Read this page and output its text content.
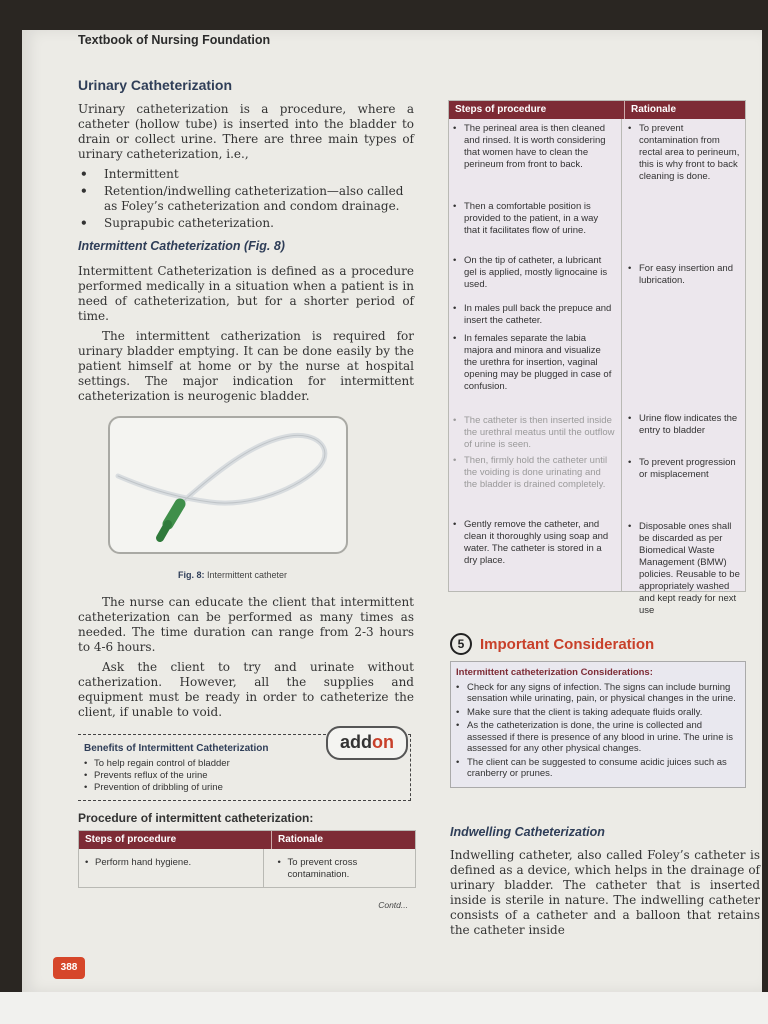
Textbook of Nursing Foundation
Urinary Catheterization

Urinary catheterization is a procedure, where a catheter (hollow tube) is inserted into the bladder to drain or collect urine. There are three main types of urinary catheterization, i.e.,

• Intermittent
• Retention/indwelling catheterization—also called as Foley’s catheterization and condom drainage.
• Suprapubic catheterization.
Intermittent Catheterization (Fig. 8)

Intermittent Catheterization is defined as a procedure performed medically in a situation when a patient is in need of catheterization, but for a shorter period of time.

The intermittent catherization is required for urinary bladder emptying. It can be done easily by the patient himself at home or by the nurse at hospital settings. The major indication for intermittent catheterization is neurogenic bladder.

Fig. 8: Intermittent catheter

The nurse can educate the client that intermittent catheterization can be performed as many times as needed. The time duration can range from 2-3 hours to 4-6 hours.

Ask the client to try and urinate without catherization. However, all the supplies and equipment must be ready in order to catheterize the client, if unable to void.

addon
Benefits of Intermittent Catheterization
• To help regain control of bladder
• Prevents reflux of the urine
• Prevention of dribbling of urine
Procedure of intermittent catheterization:
Steps of procedure	Rationale
• Perform hand hygiene.
•	To prevent cross contamination.
Contd...
388
Steps of procedure	Rationale
• The perineal area is then cleaned and rinsed. It is worth considering that women have to clean the perineum from front to back.
• Then a comfortable position is provided to the patient, in a way that it facilitates flow of urine.
• On the tip of catheter, a lubricant gel is applied, mostly lignocaine is used.
• In males pull back the prepuce and insert the catheter.
• In females separate the labia majora and minora and visualize the urethra for insertion, vaginal opening may be plugged in case of confusion.
• The catheter is then inserted inside the urethral meatus until the outflow of urine is seen.
• Then, firmly hold the catheter until the voiding is done urinating and the bladder is drained completely.
• Gently remove the catheter, and clean it thoroughly using soap and water. The catheter is stored in a dry place.
• To prevent contamination from rectal area to perineum, this is why front to back cleaning is done.
• For easy insertion and lubrication.
• Urine flow indicates the entry to bladder
• To prevent progression or misplacement
• Disposable ones shall be discarded as per Biomedical Waste Management (BMW) policies. Reusable to be appropriately washed and kept ready for next use
5	Important Consideration
Intermittent catheterization Considerations:
• Check for any signs of infection. The signs can include burning sensation while urinating, pain, or physical changes in the urine.
• Make sure that the client is taking adequate fluids orally.
• As the catheterization is done, the urine is collected and assessed if there is presence of any blood in urine. The urine is assessed for any other physical changes.
• The client can be suggested to consume acidic juices such as cranberry or prunes.
Indwelling Catheterization

Indwelling catheter, also called Foley’s catheter is defined as a device, which helps in the drainage of urinary bladder. The catheter that is inserted inside is sterile in nature. The indwelling catheter consists of a catheter and a balloon that retains the catheter inside
